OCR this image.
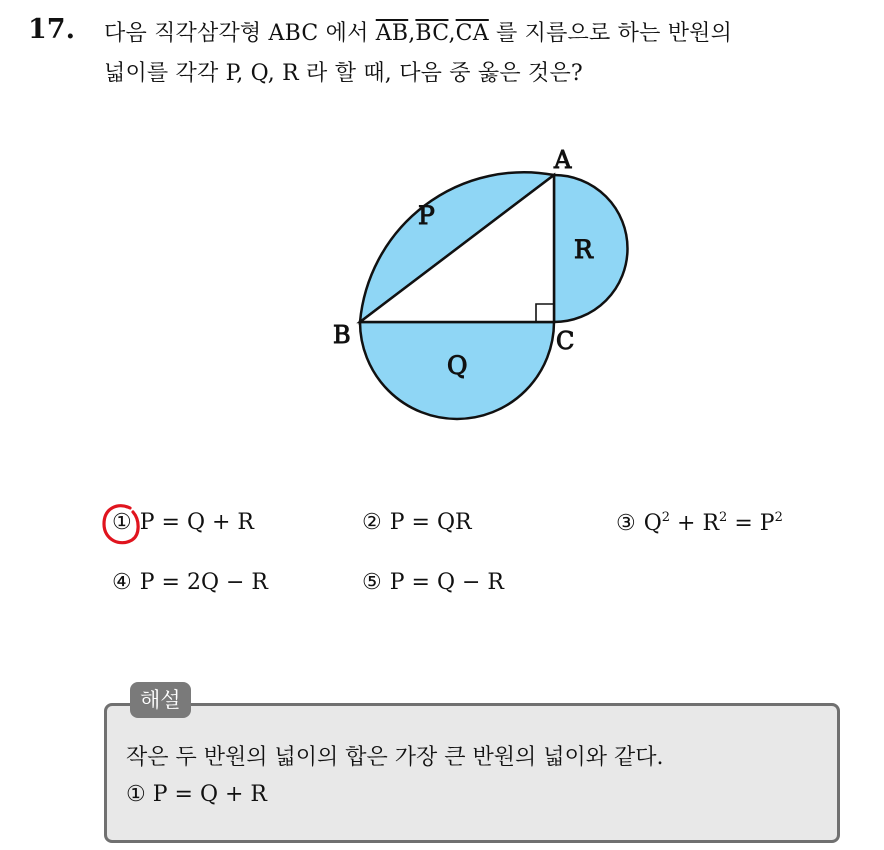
17. 다음 직각삼각형 ABC 에서 $\overline{AB},\overline{BC},\overline{CA}$ 를 지름으로 하는 반원의
넓이를 각각 P, Q, R 라 할 때, 다음 중 옳은 것은?
A
B	C
P
Q
R
① P = Q + R	② P = QR	③ $Q^2 + R^2 = P^2$
④ P = 2Q − R	⑤ P = Q − R
해설
작은 두 반원의 넓이의 합은 가장 큰 반원의 넓이와 같다.
① P = Q + R
